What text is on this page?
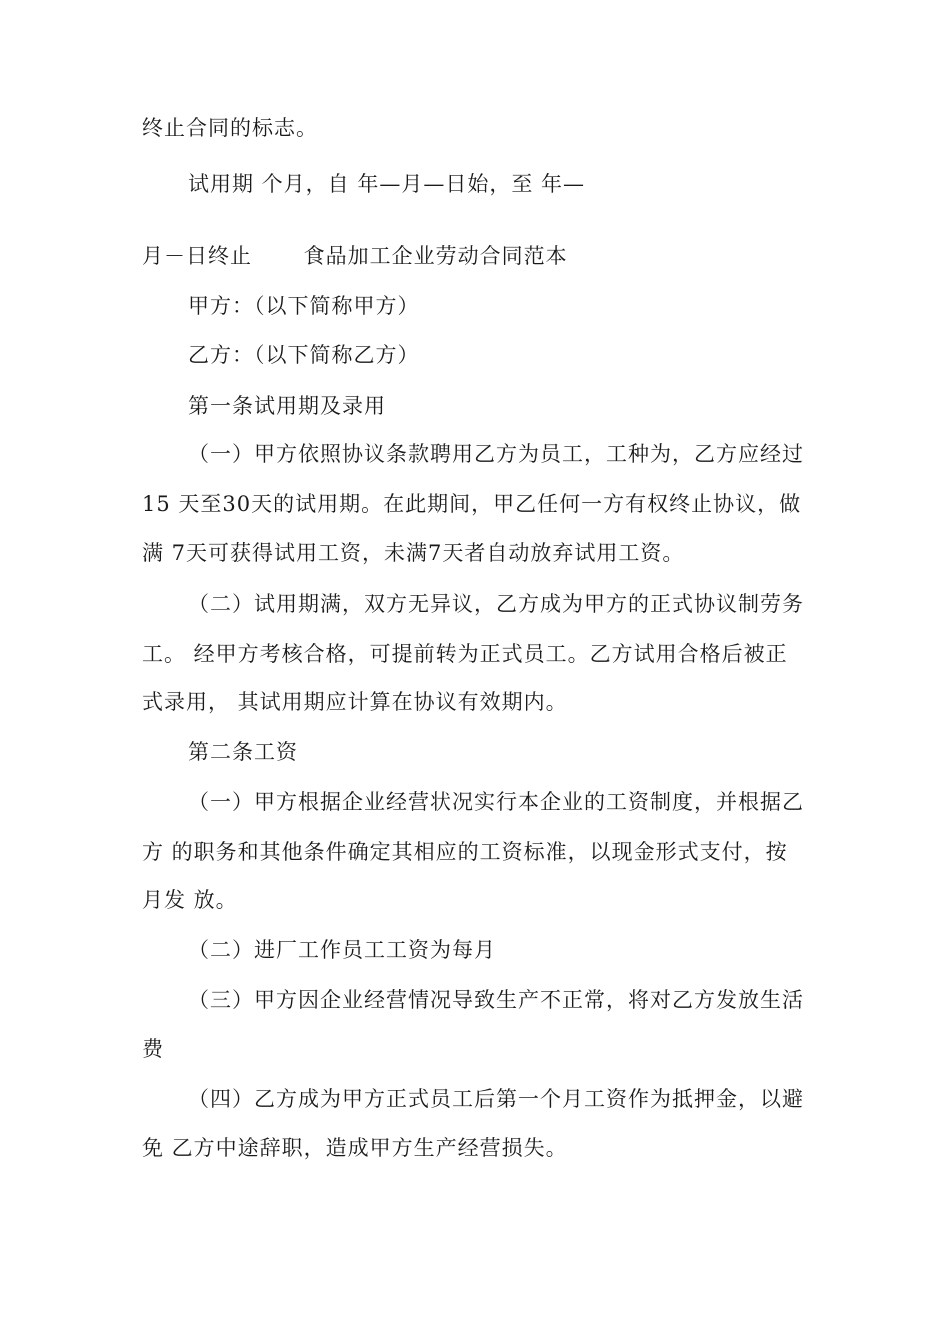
终止合同的标志。
试用期 个月，自 年—月—日始，至 年—
月－日终止　　 食品加工企业劳动合同范本
甲方：（以下简称甲方）
乙方：（以下简称乙方）
第一条试用期及录用
（一）甲方依照协议条款聘用乙方为员工，工种为，乙方应经过
15 天至30天的试用期。在此期间，甲乙任何一方有权终止协议，做
满 7天可获得试用工资，未满7天者自动放弃试用工资。
（二）试用期满，双方无异议，乙方成为甲方的正式协议制劳务
工。 经甲方考核合格，可提前转为正式员工。乙方试用合格后被正
式录用， 其试用期应计算在协议有效期内。
第二条工资
（一）甲方根据企业经营状况实行本企业的工资制度，并根据乙
方 的职务和其他条件确定其相应的工资标准，以现金形式支付，按
月发 放。
（二）进厂工作员工工资为每月
（三）甲方因企业经营情况导致生产不正常，将对乙方发放生活
费
（四）乙方成为甲方正式员工后第一个月工资作为抵押金，以避
免 乙方中途辞职，造成甲方生产经营损失。
